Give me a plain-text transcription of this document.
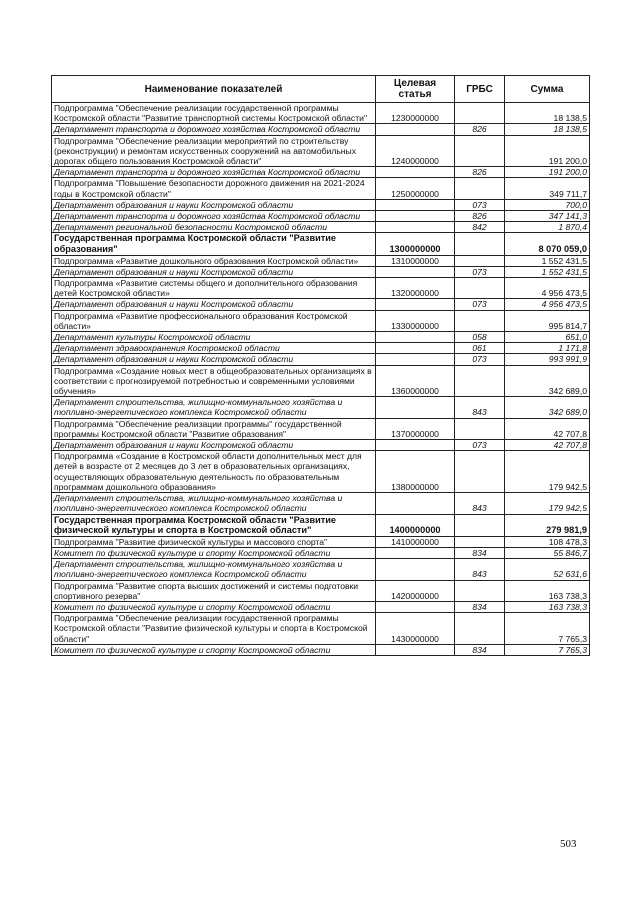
Наименование показателей	Целевая статья	ГРБС	Сумма
Подпрограмма "Обеспечение реализации государственной программы Костромской области "Развитие транспортной системы Костромской области"	1230000000		18 138,5
Департамент транспорта и дорожного хозяйства Костромской области		826	18 138,5
Подпрограмма "Обеспечение реализации мероприятий по строительству (реконструкции) и ремонтам искусственных сооружений на автомобильных дорогах общего пользования Костромской области"	1240000000		191 200,0
Департамент транспорта и дорожного хозяйства Костромской области		826	191 200,0
Подпрограмма "Повышение безопасности дорожного движения на 2021-2024 годы в Костромской области"	1250000000		349 711,7
Департамент образования и науки Костромской области		073	700,0
Департамент транспорта и дорожного хозяйства Костромской области		826	347 141,3
Департамент региональной безопасности Костромской области		842	1 870,4
Государственная программа Костромской области "Развитие образования"	1300000000		8 070 059,0
Подпрограмма «Развитие дошкольного образования Костромской области»	1310000000		1 552 431,5
Департамент образования и науки Костромской области		073	1 552 431,5
Подпрограмма «Развитие системы общего и дополнительного образования детей Костромской области»	1320000000		4 956 473,5
Департамент образования и науки Костромской области		073	4 956 473,5
Подпрограмма «Развитие профессионального образования Костромской области»	1330000000		995 814,7
Департамент культуры Костромской области		058	651,0
Департамент здравоохранения Костромской области		061	1 171,8
Департамент образования и науки Костромской области		073	993 991,9
Подпрограмма «Создание новых мест в общеобразовательных организациях в соответствии с прогнозируемой потребностью и современными условиями обучения»	1360000000		342 689,0
Департамент строительства, жилищно-коммунального хозяйства и топливно-энергетического комплекса Костромской области		843	342 689,0
Подпрограмма "Обеспечение реализации программы" государственной программы Костромской области "Развитие образования"	1370000000		42 707,8
Департамент образования и науки Костромской области		073	42 707,8
Подпрограмма «Создание в Костромской области дополнительных мест для детей в возрасте от 2 месяцев до 3 лет в образовательных организациях, осуществляющих образовательную деятельность по образовательным программам дошкольного образования»	1380000000		179 942,5
Департамент строительства, жилищно-коммунального хозяйства и топливно-энергетического комплекса Костромской области		843	179 942,5
Государственная программа Костромской области "Развитие физической культуры и спорта в Костромской области"	1400000000		279 981,9
Подпрограмма "Развитие физической культуры и массового спорта"	1410000000		108 478,3
Комитет по физической культуре и спорту Костромской области		834	55 846,7
Департамент строительства, жилищно-коммунального хозяйства и топливно-энергетического комплекса Костромской области		843	52 631,6
Подпрограмма "Развитие спорта высших достижений и системы подготовки спортивного резерва"	1420000000		163 738,3
Комитет по физической культуре и спорту Костромской области		834	163 738,3
Подпрограмма "Обеспечение реализации государственной программы Костромской области "Развитие физической культуры и спорта в Костромской области"	1430000000		7 765,3
Комитет по физической культуре и спорту Костромской области		834	7 765,3
503
